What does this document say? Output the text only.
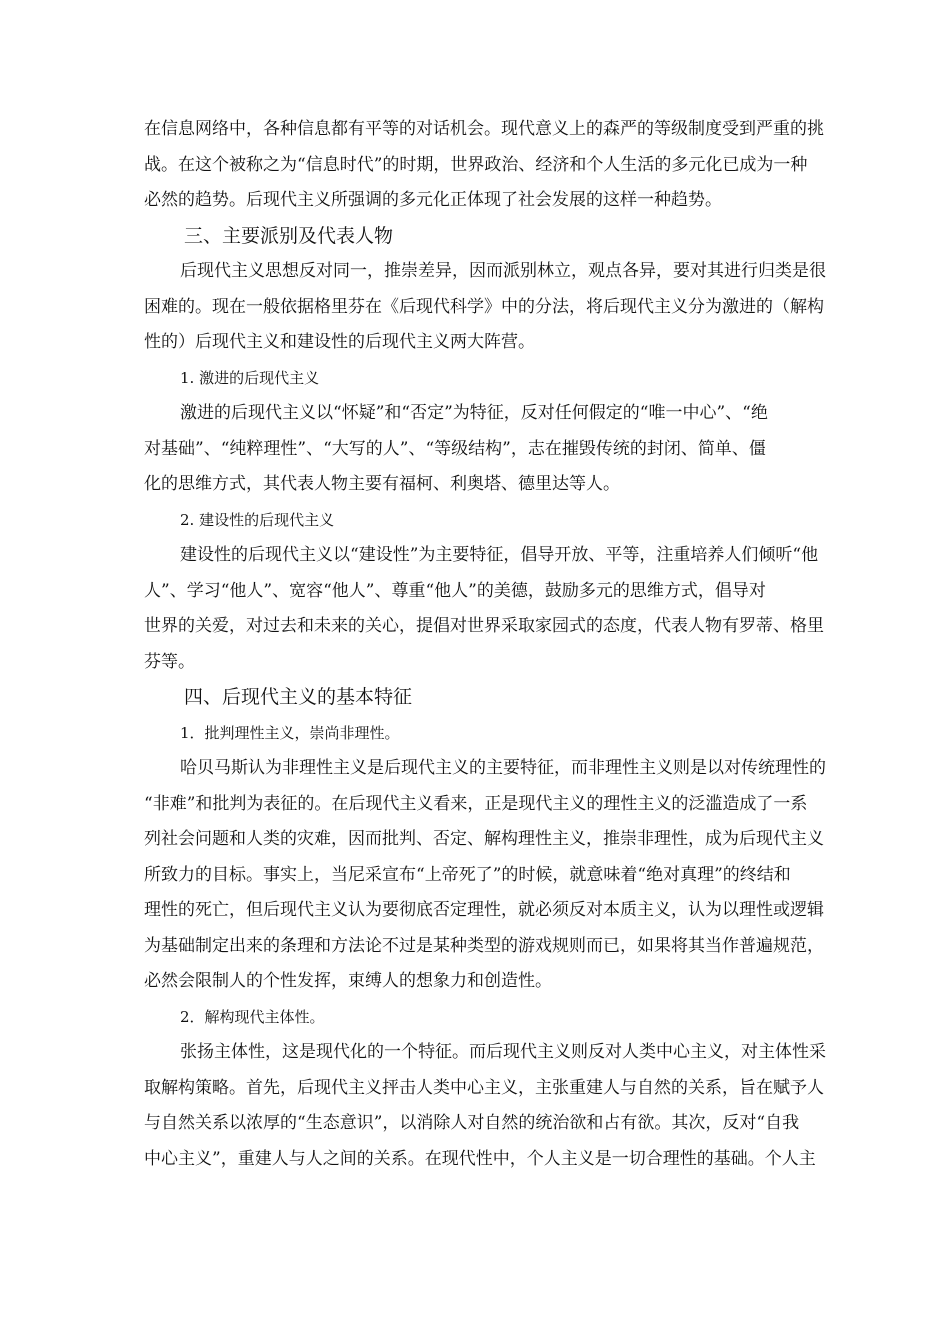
在信息网络中，各种信息都有平等的对话机会。现代意义上的森严的等级制度受到严重的挑
战。在这个被称之为“信息时代”的时期，世界政治、经济和个人生活的多元化已成为一种
必然的趋势。后现代主义所强调的多元化正体现了社会发展的这样一种趋势。
三、主要派别及代表人物
后现代主义思想反对同一，推崇差异，因而派别林立，观点各异，要对其进行归类是很
困难的。现在一般依据格里芬在《后现代科学》中的分法，将后现代主义分为激进的（解构
性的）后现代主义和建设性的后现代主义两大阵营。
1. 激进的后现代主义
激进的后现代主义以“怀疑”和“否定”为特征，反对任何假定的“唯一中心”、“绝
对基础”、“纯粹理性”、“大写的人”、“等级结构”，志在摧毁传统的封闭、简单、僵
化的思维方式，其代表人物主要有福柯、利奥塔、德里达等人。
2. 建设性的后现代主义
建设性的后现代主义以“建设性”为主要特征，倡导开放、平等，注重培养人们倾听“他
人”、学习“他人”、宽容“他人”、尊重“他人”的美德，鼓励多元的思维方式，倡导对
世界的关爱，对过去和未来的关心，提倡对世界采取家园式的态度，代表人物有罗蒂、格里
芬等。
四、后现代主义的基本特征
1．批判理性主义，崇尚非理性。
哈贝马斯认为非理性主义是后现代主义的主要特征，而非理性主义则是以对传统理性的
“非难”和批判为表征的。在后现代主义看来，正是现代主义的理性主义的泛滥造成了一系
列社会问题和人类的灾难，因而批判、否定、解构理性主义，推崇非理性，成为后现代主义
所致力的目标。事实上，当尼采宣布“上帝死了”的时候，就意味着“绝对真理”的终结和
理性的死亡，但后现代主义认为要彻底否定理性，就必须反对本质主义，认为以理性或逻辑
为基础制定出来的条理和方法论不过是某种类型的游戏规则而已，如果将其当作普遍规范，
必然会限制人的个性发挥，束缚人的想象力和创造性。
2．解构现代主体性。
张扬主体性，这是现代化的一个特征。而后现代主义则反对人类中心主义，对主体性采
取解构策略。首先，后现代主义抨击人类中心主义，主张重建人与自然的关系，旨在赋予人
与自然关系以浓厚的“生态意识”，以消除人对自然的统治欲和占有欲。其次，反对“自我
中心主义”，重建人与人之间的关系。在现代性中，个人主义是一切合理性的基础。个人主
